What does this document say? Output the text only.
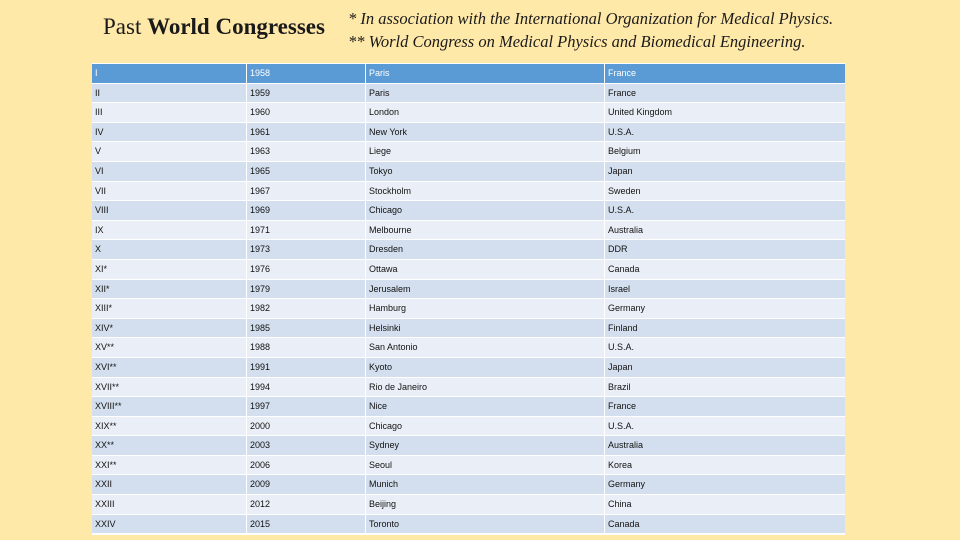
Past World Congresses * In association with the International Organization for Medical Physics.
** World Congress on Medical Physics and Biomedical Engineering.
I	1958	Paris	France
II	1959	Paris	France
III	1960	London	United Kingdom
IV	1961	New York	U.S.A.
V	1963	Liege	Belgium
VI	1965	Tokyo	Japan
VII	1967	Stockholm	Sweden
VIII	1969	Chicago	U.S.A.
IX	1971	Melbourne	Australia
X	1973	Dresden	DDR
XI*	1976	Ottawa	Canada
XII*	1979	Jerusalem	Israel
XIII*	1982	Hamburg	Germany
XIV*	1985	Helsinki	Finland
XV**	1988	San Antonio	U.S.A.
XVI**	1991	Kyoto	Japan
XVII**	1994	Rio de Janeiro	Brazil
XVIII**	1997	Nice	France
XIX**	2000	Chicago	U.S.A.
XX**	2003	Sydney	Australia
XXI**	2006	Seoul	Korea
XXII	2009	Munich	Germany
XXIII	2012	Beijing	China
XXIV	2015	Toronto	Canada
